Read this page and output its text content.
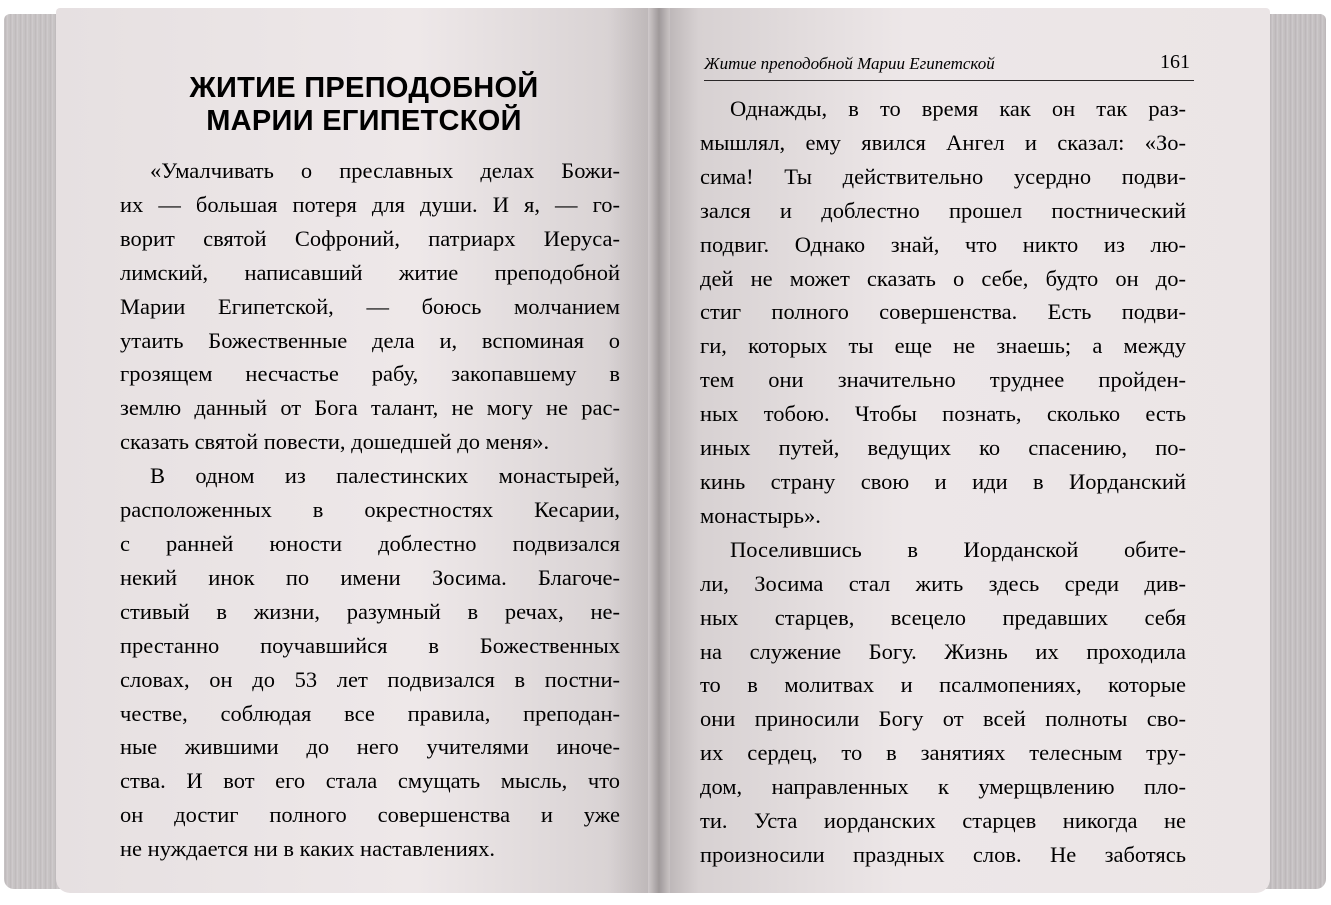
ЖИТИЕ ПРЕПОДОБНОЙ
МАРИИ ЕГИПЕТСКОЙ
«Умалчивать о преславных делах Божи-
их — большая потеря для души. И я, — го-
ворит святой Софроний, патриарх Иеруса-
лимский, написавший житие преподобной
Марии Египетской, — боюсь молчанием
утаить Божественные дела и, вспоминая о
грозящем несчастье рабу, закопавшему в
землю данный от Бога талант, не могу не рас-
сказать святой повести, дошедшей до меня».
В одном из палестинских монастырей,
расположенных в окрестностях Кесарии,
с ранней юности доблестно подвизался
некий инок по имени Зосима. Благоче-
стивый в жизни, разумный в речах, не-
престанно поучавшийся в Божественных
словах, он до 53 лет подвизался в постни-
честве, соблюдая все правила, преподан-
ные жившими до него учителями иноче-
ства. И вот его стала смущать мысль, что
он достиг полного совершенства и уже
не нуждается ни в каких наставлениях.
Житие преподобной Марии Египетской	161
Однажды, в то время как он так раз-
мышлял, ему явился Ангел и сказал: «Зо-
сима! Ты действительно усердно подви-
зался и доблестно прошел постнический
подвиг. Однако знай, что никто из лю-
дей не может сказать о себе, будто он до-
стиг полного совершенства. Есть подви-
ги, которых ты еще не знаешь; а между
тем они значительно труднее пройден-
ных тобою. Чтобы познать, сколько есть
иных путей, ведущих ко спасению, по-
кинь страну свою и иди в Иорданский
монастырь».
Поселившись в Иорданской обите-
ли, Зосима стал жить здесь среди див-
ных старцев, всецело предавших себя
на служение Богу. Жизнь их проходила
то в молитвах и псалмопениях, которые
они приносили Богу от всей полноты сво-
их сердец, то в занятиях телесным тру-
дом, направленных к умерщвлению пло-
ти. Уста иорданских старцев никогда не
произносили праздных слов. Не заботясь
